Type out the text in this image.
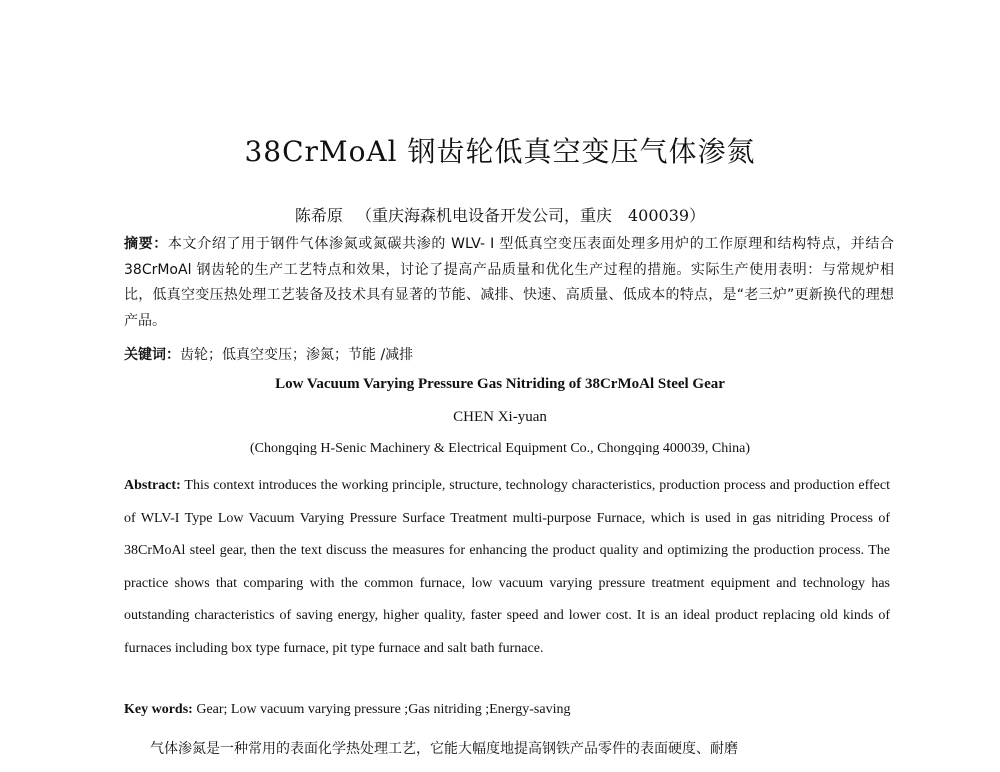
38CrMoAl 钢齿轮低真空变压气体渗氮
陈希原 （重庆海森机电设备开发公司，重庆　400039）
摘要：本文介绍了用于钢件气体渗氮或氮碳共渗的 WLV- I 型低真空变压表面处理多用炉的工作原理和结构特点，并结合 38CrMoAl 钢齿轮的生产工艺特点和效果，讨论了提高产品质量和优化生产过程的措施。实际生产使用表明：与常规炉相比，低真空变压热处理工艺装备及技术具有显著的节能、减排、快速、高质量、低成本的特点，是“老三炉”更新换代的理想产品。
关键词：齿轮；低真空变压；渗氮；节能 /减排
Low Vacuum Varying Pressure Gas Nitriding of 38CrMoAl Steel Gear
CHEN Xi-yuan
(Chongqing H-Senic Machinery & Electrical Equipment Co., Chongqing 400039, China)
Abstract: This context introduces the working principle, structure, technology characteristics, production process and production effect of WLV-I Type Low Vacuum Varying Pressure Surface Treatment multi-purpose Furnace, which is used in gas nitriding Process of 38CrMoAl steel gear, then the text discuss the measures for enhancing the product quality and optimizing the production process. The practice shows that comparing with the common furnace, low vacuum varying pressure treatment equipment and technology has outstanding characteristics of saving energy, higher quality, faster speed and lower cost. It is an ideal product replacing old kinds of furnaces including box type furnace, pit type furnace and salt bath furnace.
Key words: Gear; Low vacuum varying pressure ;Gas nitriding ;Energy-saving
气体渗氮是一种常用的表面化学热处理工艺，它能大幅度地提高钢铁产品零件的表面硬度、耐磨
